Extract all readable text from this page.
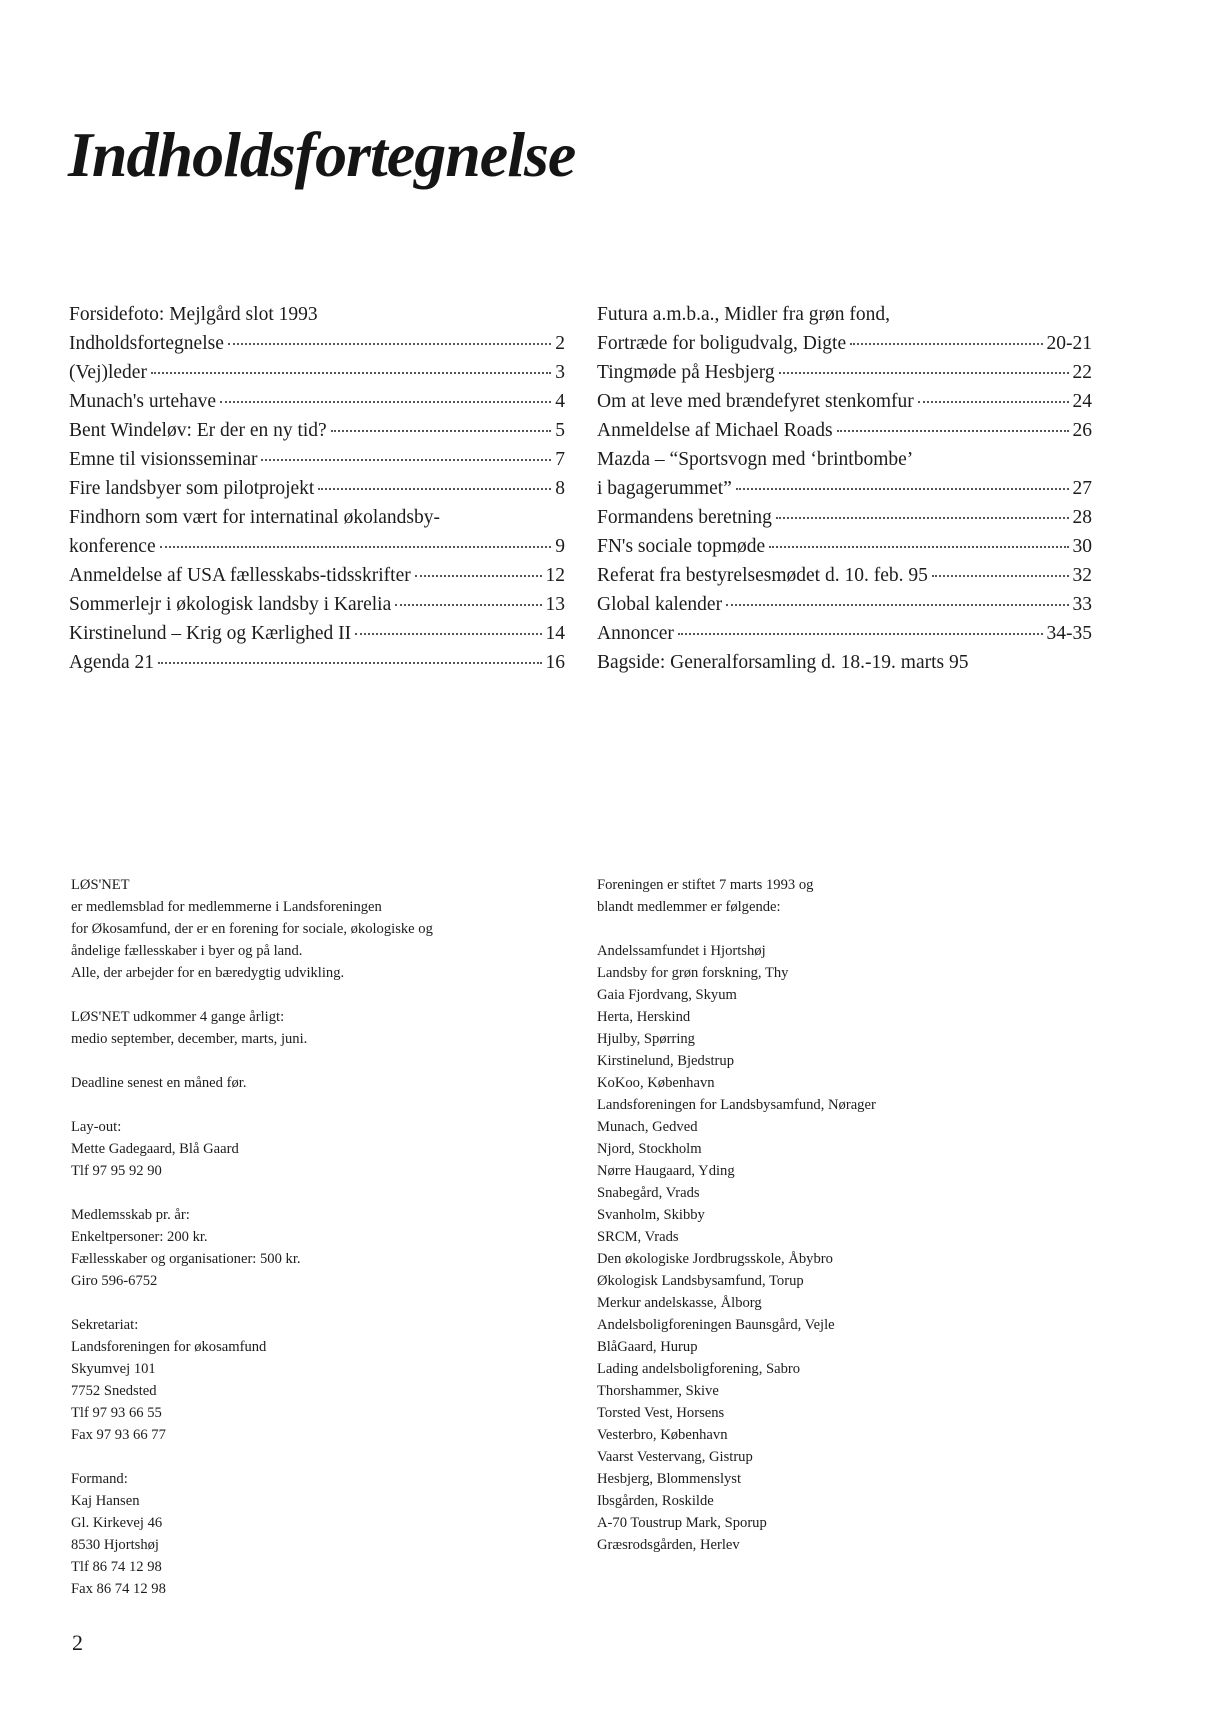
Indholdsfortegnelse
Forsidefoto: Mejlgård slot 1993
Indholdsfortegnelse	2
(Vej)leder	3
Munach's urtehave	4
Bent Windeløv: Er der en ny tid?	5
Emne til visionsseminar	7
Fire landsbyer som pilotprojekt	8
Findhorn som vært for internatinal økolandsby-
konference	9
Anmeldelse af USA fællesskabs-tidsskrifter	12
Sommerlejr i økologisk landsby i Karelia	13
Kirstinelund – Krig og Kærlighed II	14
Agenda 21	16
Futura a.m.b.a., Midler fra grøn fond,
Fortræde for boligudvalg, Digte	20-21
Tingmøde på Hesbjerg	22
Om at leve med brændefyret stenkomfur	24
Anmeldelse af Michael Roads	26
Mazda – “Sportsvogn med ‘brintbombe’
i bagagerummet”	27
Formandens beretning	28
FN's sociale topmøde	30
Referat fra bestyrelsesmødet d. 10. feb. 95	32
Global kalender	33
Annoncer	34-35
Bagside: Generalforsamling d. 18.-19. marts 95
LØS'NET
er medlemsblad for medlemmerne i Landsforeningen
for Økosamfund, der er en forening for sociale, økologiske og
åndelige fællesskaber i byer og på land.
Alle, der arbejder for en bæredygtig udvikling.
LØS'NET udkommer 4 gange årligt:
medio september, december, marts, juni.
Deadline senest en måned før.
Lay-out:
Mette Gadegaard, Blå Gaard
Tlf 97 95 92 90
Medlemsskab pr. år:
Enkeltpersoner: 200 kr.
Fællesskaber og organisationer: 500 kr.
Giro 596-6752
Sekretariat:
Landsforeningen for økosamfund
Skyumvej 101
7752 Snedsted
Tlf 97 93 66 55
Fax 97 93 66 77
Formand:
Kaj Hansen
Gl. Kirkevej 46
8530 Hjortshøj
Tlf 86 74 12 98
Fax 86 74 12 98
Foreningen er stiftet 7 marts 1993 og
blandt medlemmer er følgende:
Andelssamfundet i Hjortshøj
Landsby for grøn forskning, Thy
Gaia Fjordvang, Skyum
Herta, Herskind
Hjulby, Spørring
Kirstinelund, Bjedstrup
KoKoo, København
Landsforeningen for Landsbysamfund, Nørager
Munach, Gedved
Njord, Stockholm
Nørre Haugaard, Yding
Snabegård, Vrads
Svanholm, Skibby
SRCM, Vrads
Den økologiske Jordbrugsskole, Åbybro
Økologisk Landsbysamfund, Torup
Merkur andelskasse, Ålborg
Andelsboligforeningen Baunsgård, Vejle
BlåGaard, Hurup
Lading andelsboligforening, Sabro
Thorshammer, Skive
Torsted Vest, Horsens
Vesterbro, København
Vaarst Vestervang, Gistrup
Hesbjerg, Blommenslyst
Ibsgården, Roskilde
A-70 Toustrup Mark, Sporup
Græsrodsgården, Herlev
2
